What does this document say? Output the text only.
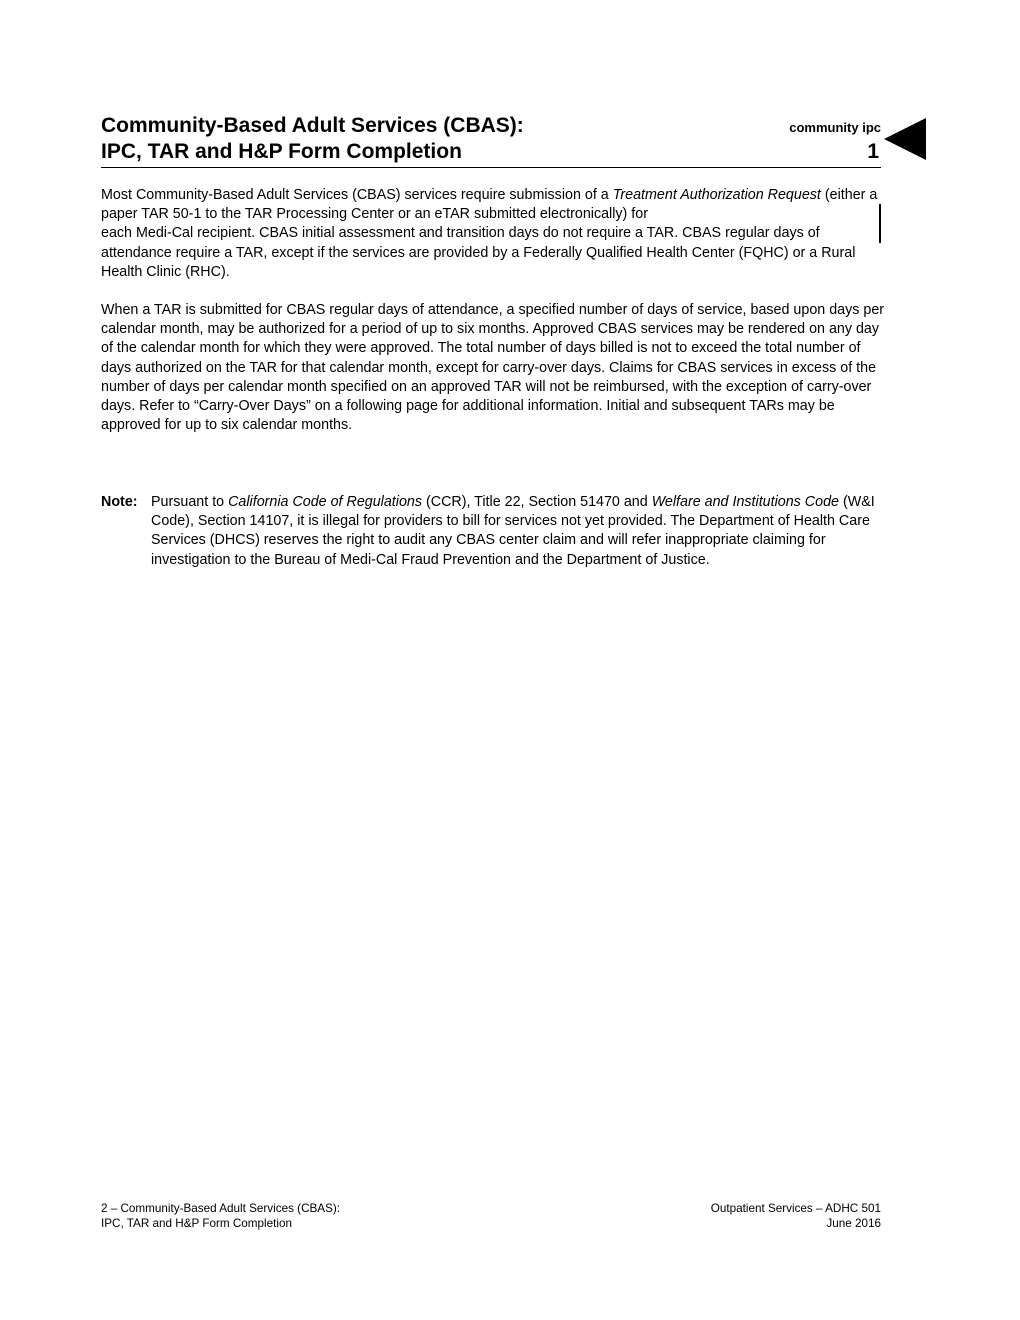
Community-Based Adult Services (CBAS):
IPC, TAR and H&P Form Completion
community ipc
1

Most Community-Based Adult Services (CBAS) services require submission of a Treatment Authorization Request (either a paper TAR 50-1 to the TAR Processing Center or an eTAR submitted electronically) for
each Medi-Cal recipient. CBAS initial assessment and transition days do not require a TAR. CBAS regular days of attendance require a TAR, except if the services are provided by a Federally Qualified Health Center (FQHC) or a Rural Health Clinic (RHC).

When a TAR is submitted for CBAS regular days of attendance, a specified number of days of service, based upon days per calendar month, may be authorized for a period of up to six months. Approved CBAS services may be rendered on any day of the calendar month for which they were approved. The total number of days billed is not to exceed the total number of days authorized on the TAR for that calendar month, except for carry-over days. Claims for CBAS services in excess of the number of days per calendar month specified on an approved TAR will not be reimbursed, with the exception of carry-over days. Refer to “Carry-Over Days” on a following page for additional information. Initial and subsequent TARs may be approved for up to six calendar months.

Note: Pursuant to California Code of Regulations (CCR), Title 22, Section 51470 and Welfare and Institutions Code (W&I Code), Section 14107, it is illegal for providers to bill for services not yet provided. The Department of Health Care Services (DHCS) reserves the right to audit any CBAS center claim and will refer inappropriate claiming for investigation to the Bureau of Medi-Cal Fraud Prevention and the Department of Justice.
2 – Community-Based Adult Services (CBAS):
IPC, TAR and H&P Form Completion
Outpatient Services – ADHC 501
June 2016
